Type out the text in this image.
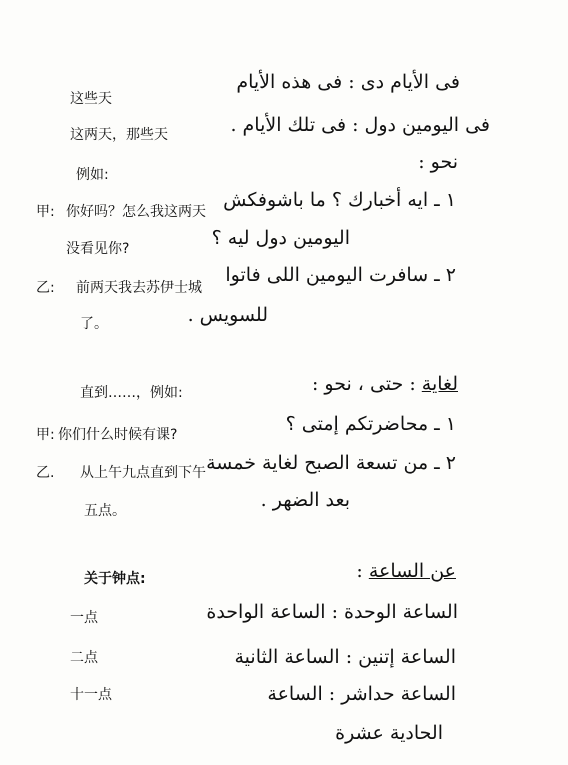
这些天
这两天，那些天
例如:
甲: 你好吗？怎么我这两天
没看见你?
乙: 前两天我去苏伊士城
了。
直到……，例如:
甲: 你们什么时候有课?
乙. 从上午九点直到下午
五点。
关于钟点:
一点
二点
十一点
فى الأيام دى : فى هذه الأيام
فى اليومين دول : فى تلك الأيام .
نحو :
١ ـ ايه أخبارك ؟ ما باشوفكش
اليومين دول ليه ؟
٢ ـ سافرت اليومين اللى فاتوا
للسويس .
لغاية : حتى ، نحو :
١ ـ محاضرتكم إمتى ؟
٢ ـ من تسعة الصبح لغاية خمسة
بعد الضهر .
عن الساعة :
الساعة الوحدة : الساعة الواحدة
الساعة إتنين : الساعة الثانية
الساعة حداشر : الساعة
الحادية عشرة
